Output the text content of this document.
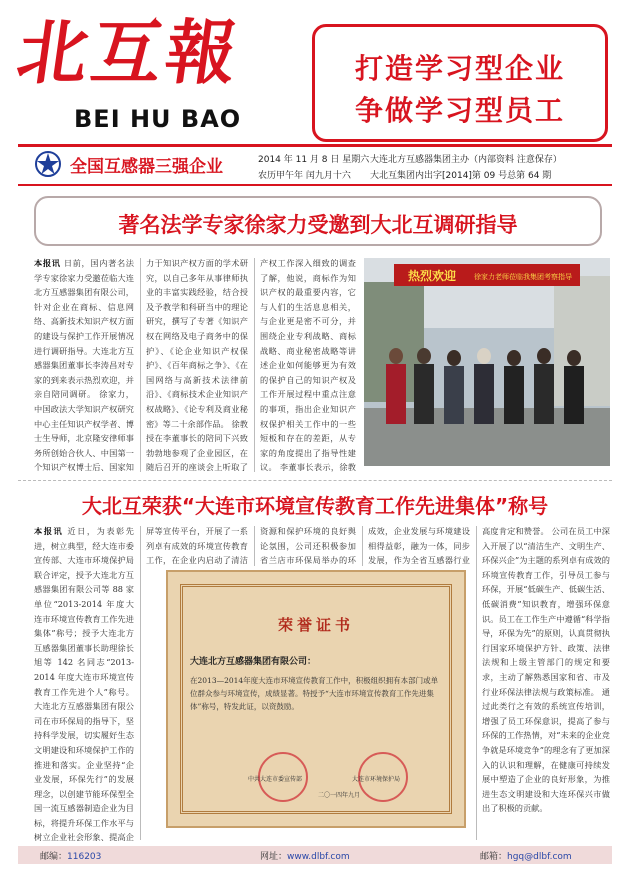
北互報
BEI HU BAO
打造学习型企业
争做学习型员工
全国互感器三强企业	2014 年 11 月 8 日 星期六
农历甲午年 闰九月十六
大连北方互感器集团主办（内部资料 注意保存）
大北互集团内出字[2014]第 09 号总第 64 期
著名法学专家徐家力受邀到大北互调研指导
本报讯 日前，国内著名法学专家徐家力受邀莅临大连北方互感器集团有限公司，针对企业在商标、信息网络、高新技术知识产权方面的建设与保护工作开展情况进行调研指导。大连北方互感器集团董事长李涛昌对专家的到来表示热烈欢迎，并亲自陪同调研。 徐家力，中国政法大学知识产权研究中心主任知识产权学者、博士生导师，北京隆安律师事务所创始合伙人、中国第一个知识产权博士后、国家知
力于知识产权方面的学术研究，以自己多年从事律师执业的丰富实践经验，结合授及予教学和科研当中的理论研究，撰写了专著《知识产权在网络及电子商务中的保护》、《论企业知识产权保护》、《百年商标之争》、《在国网络与高新技术法律前沿》、《商标技术企业知识产权战略》、《论专利及商业秘密》等二十余部作品。 徐教授在李董事长的陪同下兴致勃勃地参观了企业园区，在随后召开的座谈会上听取了
产权工作深入细致的调查了解，他说，商标作为知识产权的最重要内容，它与人们的生活息息相关，与企业更是密不可分，并围绕企业专利战略、商标战略、商业秘密战略等讲述企业如何能够更为有效的保护自己的知识产权及工作开展过程中重点注意的事项，指出企业知识产权保护相关工作中的一些短板和存在的差距，从专家的角度提出了指导性建议。 李董事长表示，徐教
热烈欢迎	徐家力老师莅临我集团考察指导
大北互荣获“大连市环境宣传教育工作先进集体”称号
本报讯 近日，为表彰先进，树立典型，经大连市委宣传部、大连市环境保护局联合评定，授予大连北方互感器集团有限公司等 88 家单位“2013-2014 年度大连市环境宣传教育工作先进集体”称号；授予大连北方互感器集团董事长助理徐长旭等 142 名同志“2013-2014 年度大连市环境宣传教育工作先进个人”称号。 大连北方互感器集团有限公司在市环保局的指导下，坚持科学发展，切实履好生态文明建设和环境保护工作的推进和落实。企业坚持“企业发展，环保先行”的发展理念，以创建节能环保型全国一流互感器制造企业为目标，将提升环保工作水平与树立企业社会形象、提高企
屏等宣传平台，开展了一系列卓有成效的环境宣传教育工作，在企业内启动了清洁
资源和保护环境的良好舆论氛围，公司还积极参加省兰店市环保局举办的环
成效，企业发展与环境建设相得益彰，融为一体，同步发展，作为全省互感器行业
高度肯定和赞誉。 公司在员工中深入开展了以“清洁生产、文明生产、环保兴企”为主题的系列卓有成效的环境宣传教育工作，引导员工参与环保，开展“低碳生产、低碳生活、低碳消费”知识教育，增强环保意识。员工在工作生产中遵循“科学指导，环保为先”的原则，认真贯彻执行国家环境保护方针、政策、法律法规和上级主管部门的规定和要求，主动了解熟悉国家和省、市及行业环保法律法规与政策标准。 通过此类行之有效的系统宣传培训，增强了员工环保意识，提高了参与环保的工作热情，对“未来的企业竞争就是环境竞争”的理念有了更加深入的认识和理解，在健康可持续发展中塑造了企业的良好形象，为推进生态文明建设和大连环保兴市做出了积极的贡献。
荣誉证书
大连北方互感器集团有限公司：
在2013—2014年度大连市环境宣传教育工作中，积极组织拥有本部门或单位群众参与环境宣传，成绩显著。特授予“大连市环境宣传教育工作先进集体”称号，特发此证，以资鼓励。
中共大连市委宣传部	大连市环境保护局
二〇一四年九月
邮编：116203	网址：www.dlbf.com	邮箱：hgq@dlbf.com
